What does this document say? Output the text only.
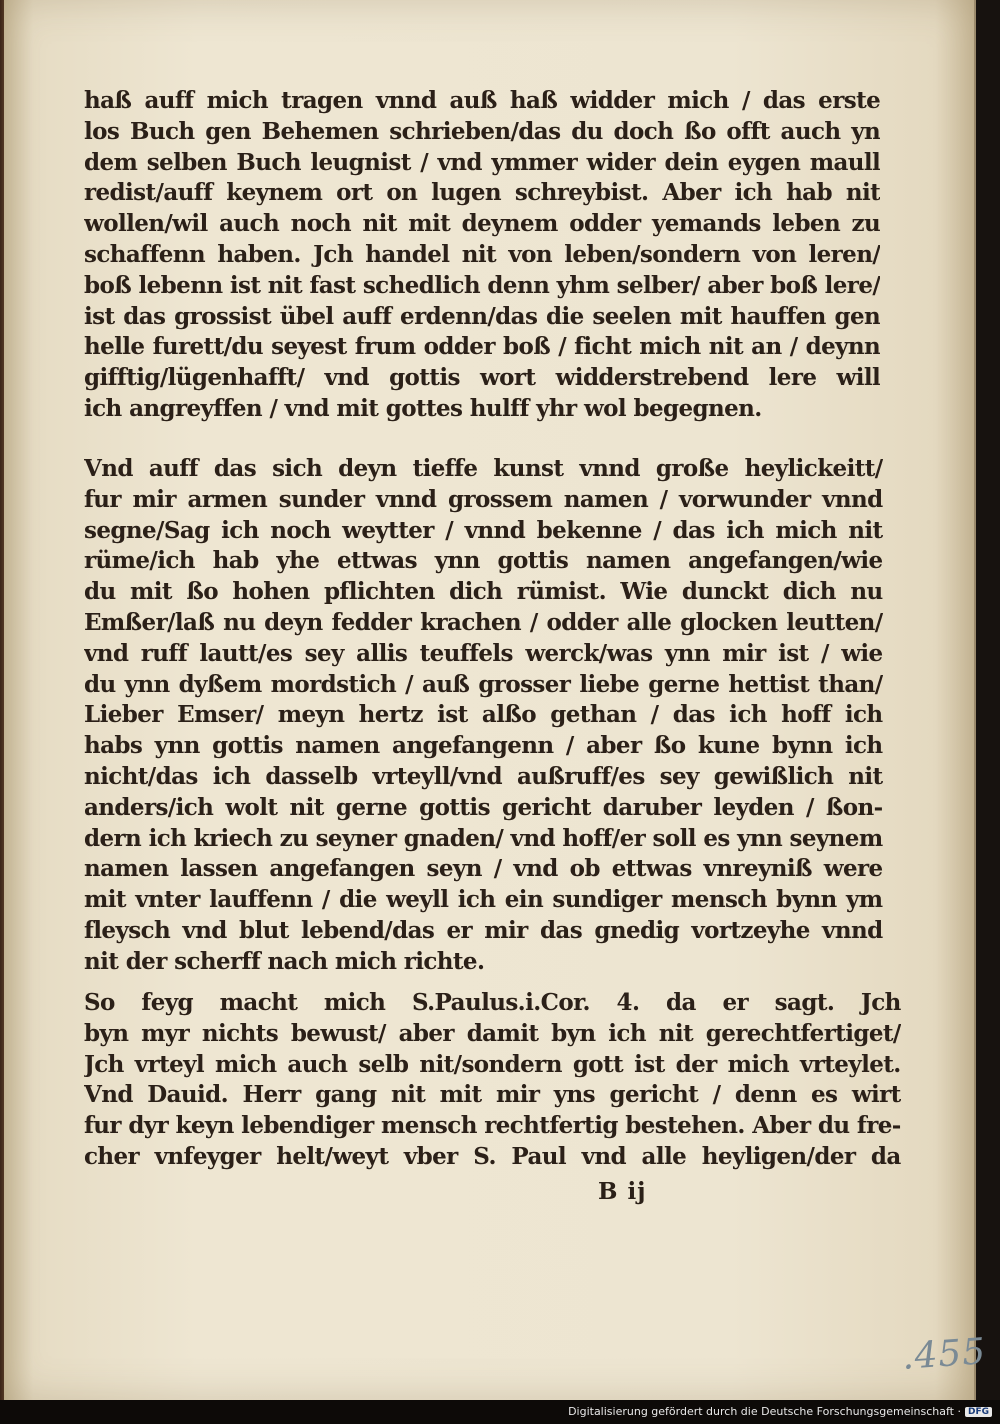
haß auff mich tragen vnnd auß haß widder mich / das erste
los Buch gen Behemen schrieben/das du doch ßo offt auch yn
dem selben Buch leugnist / vnd ymmer wider dein eygen maull
redist/auff keynem ort on lugen schreybist. Aber ich hab nit
wollen/wil auch noch nit mit deynem odder yemands leben zu
schaffenn haben. Jch handel nit von leben/sondern von leren/
boß lebenn ist nit fast schedlich denn yhm selber/ aber boß lere/
ist das grossist übel auff erdenn/das die seelen mit hauffen gen
helle furett/du seyest frum odder boß / ficht mich nit an / deynn
gifftig/lügenhafft/ vnd gottis wort widderstrebend lere will
ich angreyffen / vnd mit gottes hulff yhr wol begegnen.
Vnd auff das sich deyn tieffe kunst vnnd große heylickeitt/
fur mir armen sunder vnnd grossem namen / vorwunder vnnd
segne/Sag ich noch weytter / vnnd bekenne / das ich mich nit
rüme/ich hab yhe ettwas ynn gottis namen angefangen/wie
du mit ßo hohen pflichten dich rümist. Wie dunckt dich nu
Emßer/laß nu deyn fedder krachen / odder alle glocken leutten/
vnd ruff lautt/es sey allis teuffels werck/was ynn mir ist / wie
du ynn dyßem mordstich / auß grosser liebe gerne hettist than/
Lieber Emser/ meyn hertz ist alßo gethan / das ich hoff ich
habs ynn gottis namen angefangenn / aber ßo kune bynn ich
nicht/das ich dasselb vrteyll/vnd außruff/es sey gewißlich nit
anders/ich wolt nit gerne gottis gericht daruber leyden / ßon-
dern ich kriech zu seyner gnaden/ vnd hoff/er soll es ynn seynem
namen lassen angefangen seyn / vnd ob ettwas vnreyniß were
mit vnter lauffenn / die weyll ich ein sundiger mensch bynn ym
fleysch vnd blut lebend/das er mir das gnedig vortzeyhe vnnd
nit der scherff nach mich richte.
So feyg macht mich S.Paulus.i.Cor. 4. da er sagt. Jch
byn myr nichts bewust/ aber damit byn ich nit gerechtfertiget/
Jch vrteyl mich auch selb nit/sondern gott ist der mich vrteylet.
Vnd Dauid. Herr gang nit mit mir yns gericht / denn es wirt
fur dyr keyn lebendiger mensch rechtfertig bestehen. Aber du fre-
cher vnfeyger helt/weyt vber S. Paul vnd alle heyligen/der da
B ij
.455
Digitalisierung gefördert durch die Deutsche Forschungsgemeinschaft · DFG
